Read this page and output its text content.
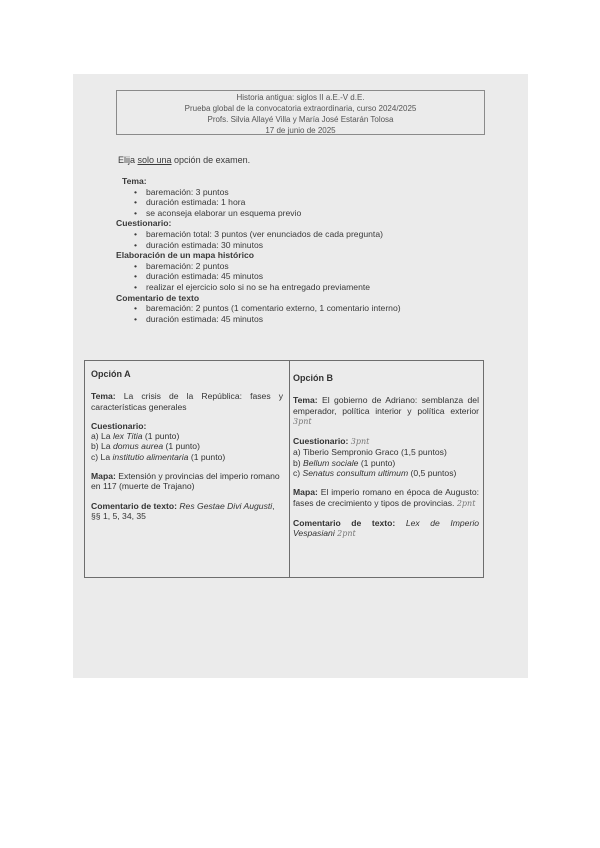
Historia antigua: siglos II a.E.-V d.E.
Prueba global de la convocatoria extraordinaria, curso 2024/2025
Profs. Silvia Allayé Villa y María José Estarán Tolosa
17 de junio de 2025
Elija solo una opción de examen.
Tema:
• baremación: 3 puntos
• duración estimada: 1 hora
• se aconseja elaborar un esquema previo
Cuestionario:
• baremación total: 3 puntos (ver enunciados de cada pregunta)
• duración estimada: 30 minutos
Elaboración de un mapa histórico
• baremación: 2 puntos
• duración estimada: 45 minutos
• realizar el ejercicio solo si no se ha entregado previamente
Comentario de texto
• baremación: 2 puntos (1 comentario externo, 1 comentario interno)
• duración estimada: 45 minutos
Opción A
Tema: La crisis de la República: fases y características generales
Cuestionario:
a) La lex Titia (1 punto)
b) La domus aurea (1 punto)
c) La institutio alimentaria (1 punto)
Mapa: Extensión y provincias del imperio romano en 117 (muerte de Trajano)
Comentario de texto: Res Gestae Divi Augusti, §§ 1, 5, 34, 35
Opción B
Tema: El gobierno de Adriano: semblanza del emperador, política interior y política exterior 3pnt
Cuestionario: 3pnt
a) Tiberio Sempronio Graco (1,5 puntos)
b) Bellum sociale (1 punto)
c) Senatus consultum ultimum (0,5 puntos)
Mapa: El imperio romano en época de Augusto: fases de crecimiento y tipos de provincias. 2pnt
Comentario de texto: Lex de Imperio Vespasiani 2pnt
